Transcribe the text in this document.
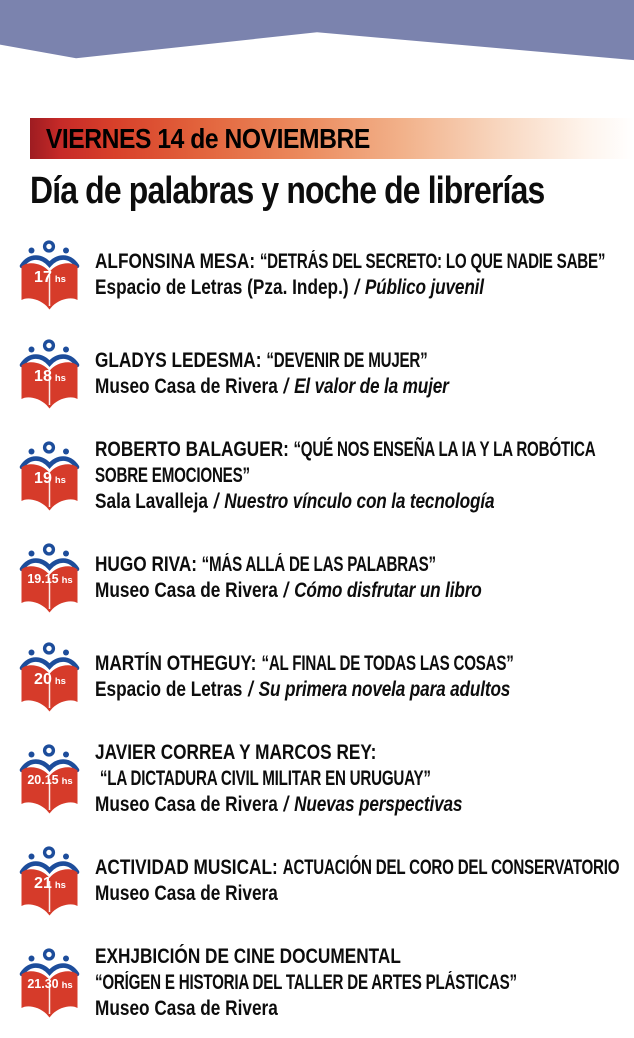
VIERNES 14 de NOVIEMBRE
Día de palabras y noche de librerías
17 hs
ALFONSINA MESA: “DETRÁS DEL SECRETO: LO QUE NADIE SABE”
Espacio de Letras (Pza. Indep.) / Público juvenil
18 hs
GLADYS LEDESMA: “DEVENIR DE MUJER”
Museo Casa de Rivera / El valor de la mujer
19 hs
ROBERTO BALAGUER: “QUÉ NOS ENSEÑA LA IA Y LA ROBÓTICA
SOBRE EMOCIONES”
Sala Lavalleja / Nuestro vínculo con la tecnología
19.15 hs
HUGO RIVA: “MÁS ALLÁ DE LAS PALABRAS”
Museo Casa de Rivera / Cómo disfrutar un libro
20 hs
MARTÍN OTHEGUY: “AL FINAL DE TODAS LAS COSAS”
Espacio de Letras / Su primera novela para adultos
20.15 hs
JAVIER CORREA Y MARCOS REY:
“LA DICTADURA CIVIL MILITAR EN URUGUAY”
Museo Casa de Rivera / Nuevas perspectivas
21 hs
ACTIVIDAD MUSICAL: ACTUACIÓN DEL CORO DEL CONSERVATORIO
Museo Casa de Rivera
21.30 hs
EXHJBICIÓN DE CINE DOCUMENTAL
“ORÍGEN E HISTORIA DEL TALLER DE ARTES PLÁSTICAS”
Museo Casa de Rivera
